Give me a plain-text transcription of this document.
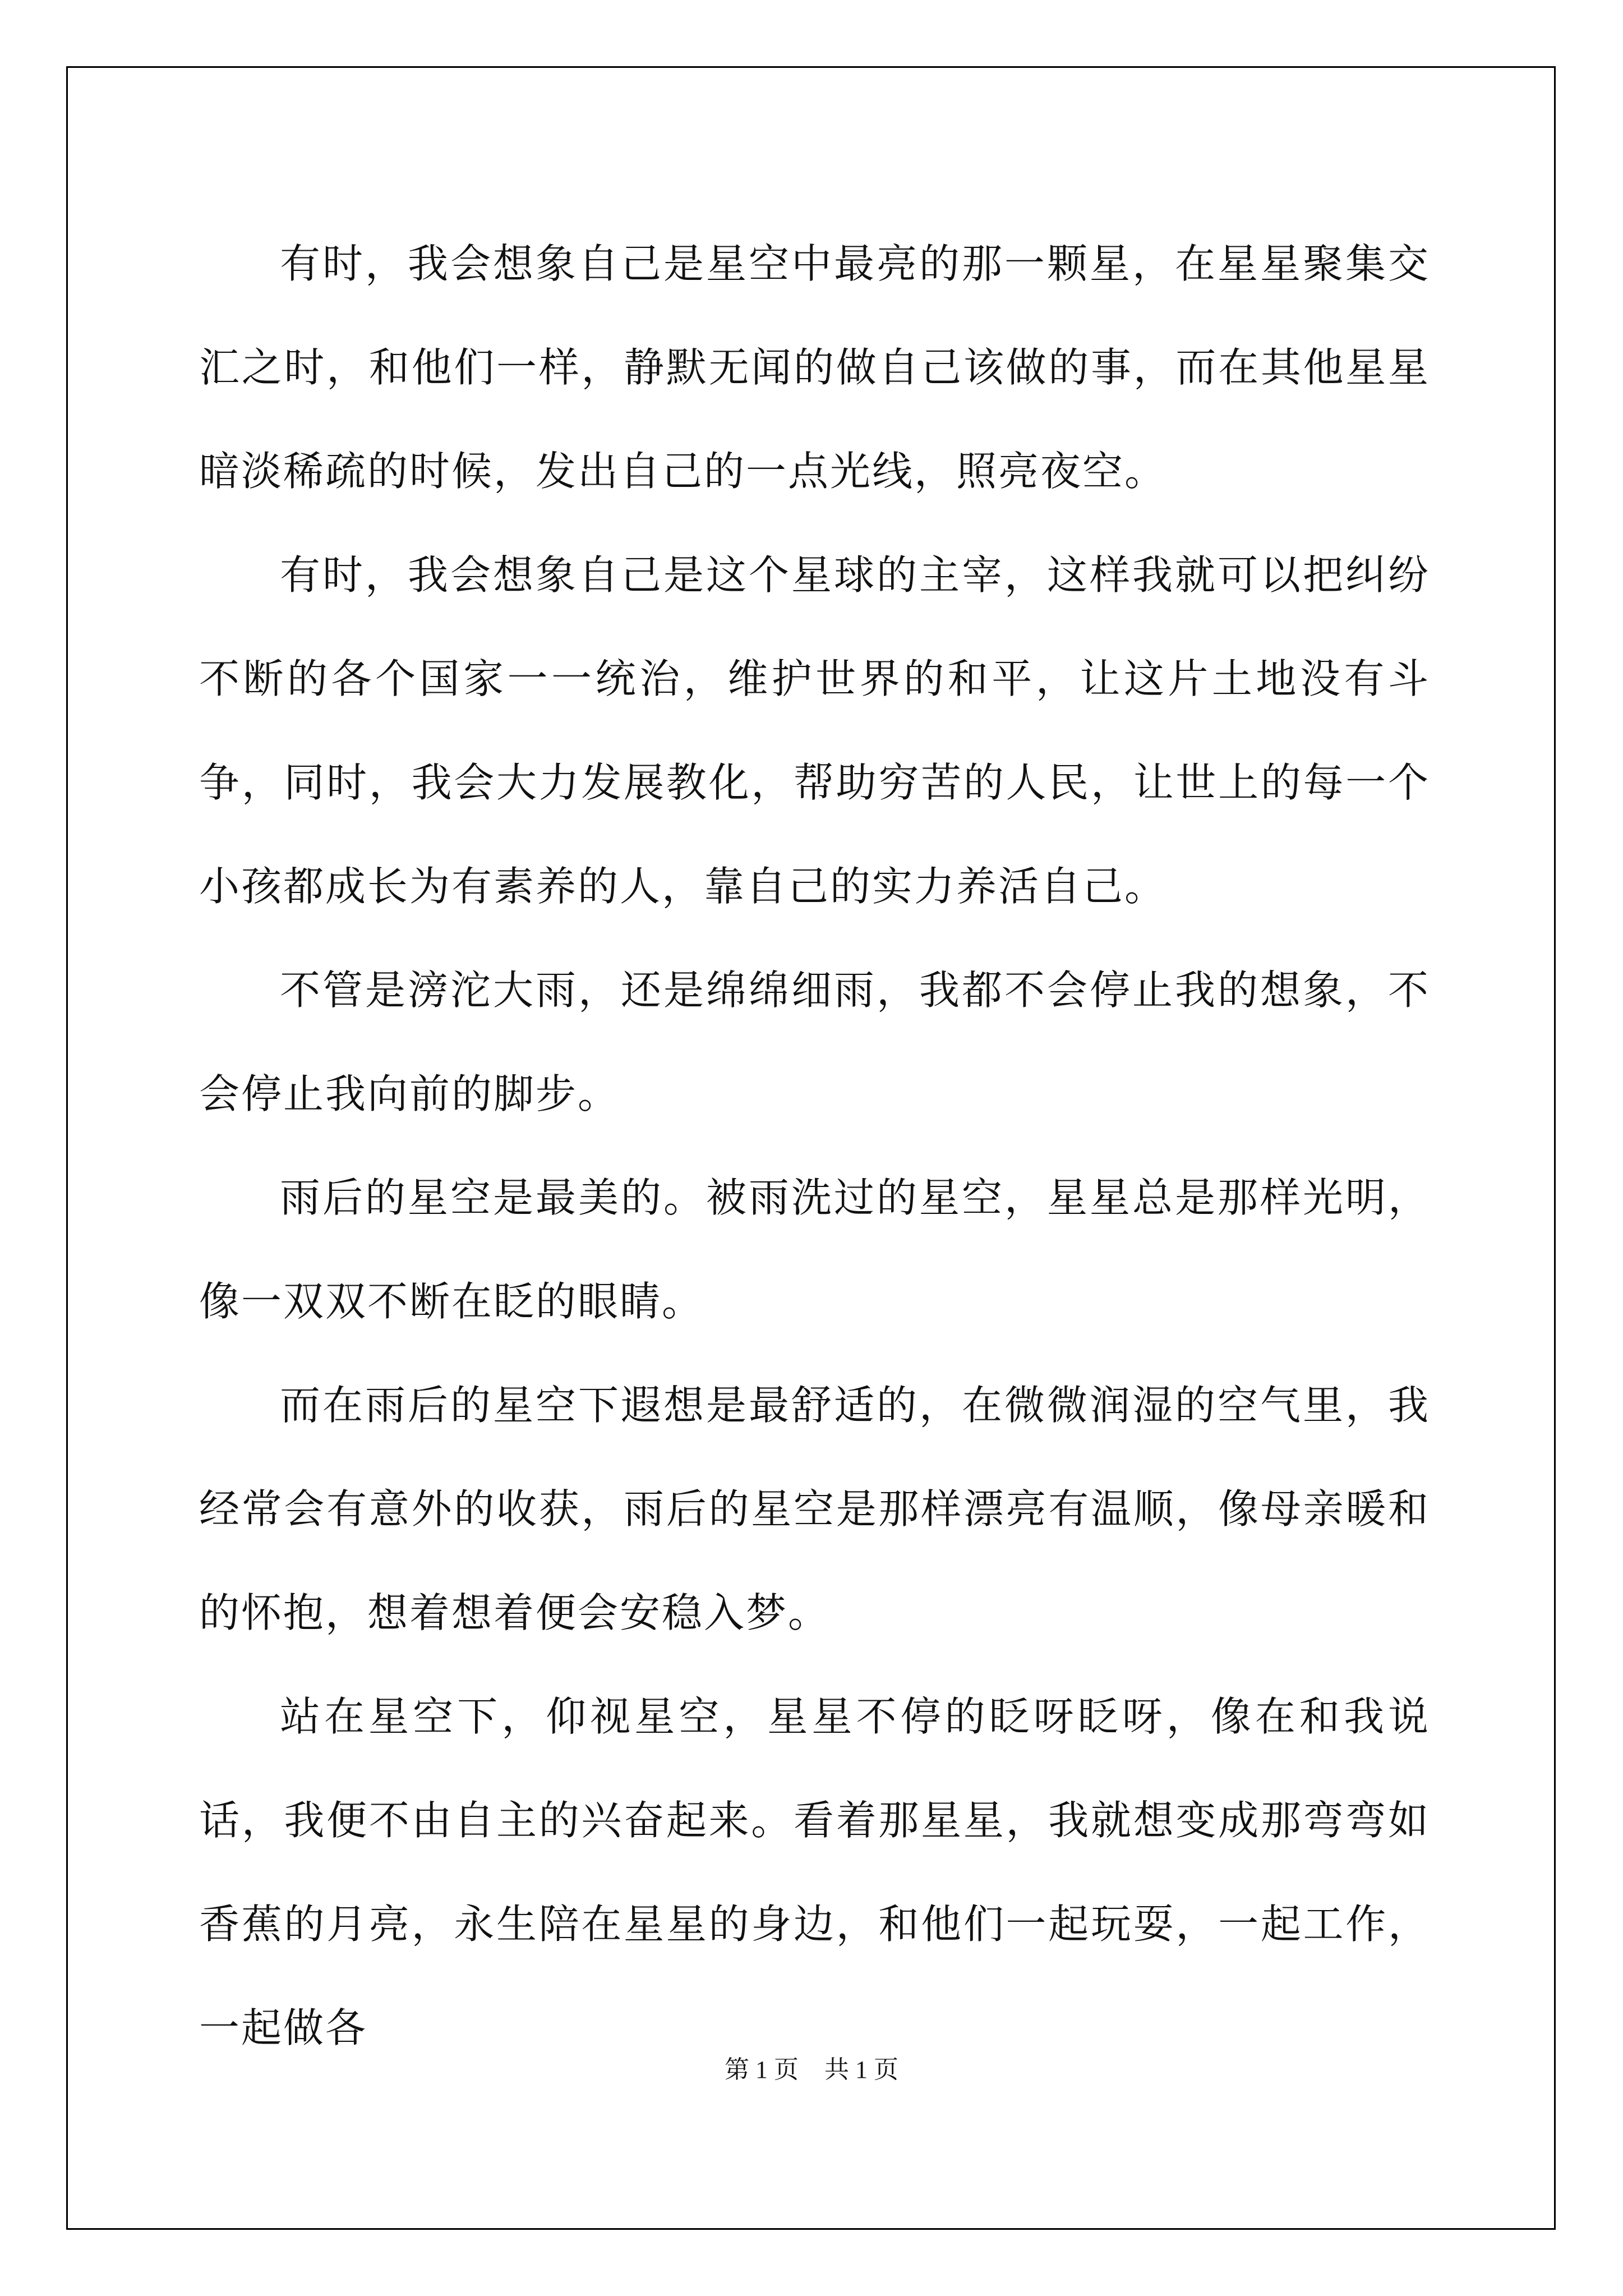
有时，我会想象自己是星空中最亮的那一颗星，在星星聚集交汇之时，和他们一样，静默无闻的做自己该做的事，而在其他星星暗淡稀疏的时候，发出自己的一点光线，照亮夜空。

有时，我会想象自己是这个星球的主宰，这样我就可以把纠纷不断的各个国家一一统治，维护世界的和平，让这片土地没有斗争，同时，我会大力发展教化，帮助穷苦的人民，让世上的每一个小孩都成长为有素养的人，靠自己的实力养活自己。

不管是滂沱大雨，还是绵绵细雨，我都不会停止我的想象，不会停止我向前的脚步。

雨后的星空是最美的。被雨洗过的星空，星星总是那样光明，像一双双不断在眨的眼睛。

而在雨后的星空下遐想是最舒适的，在微微润湿的空气里，我经常会有意外的收获，雨后的星空是那样漂亮有温顺，像母亲暖和的怀抱，想着想着便会安稳入梦。

站在星空下，仰视星空，星星不停的眨呀眨呀，像在和我说话，我便不由自主的兴奋起来。看着那星星，我就想变成那弯弯如香蕉的月亮，永生陪在星星的身边，和他们一起玩耍，一起工作，一起做各

第 1 页 共 1 页
